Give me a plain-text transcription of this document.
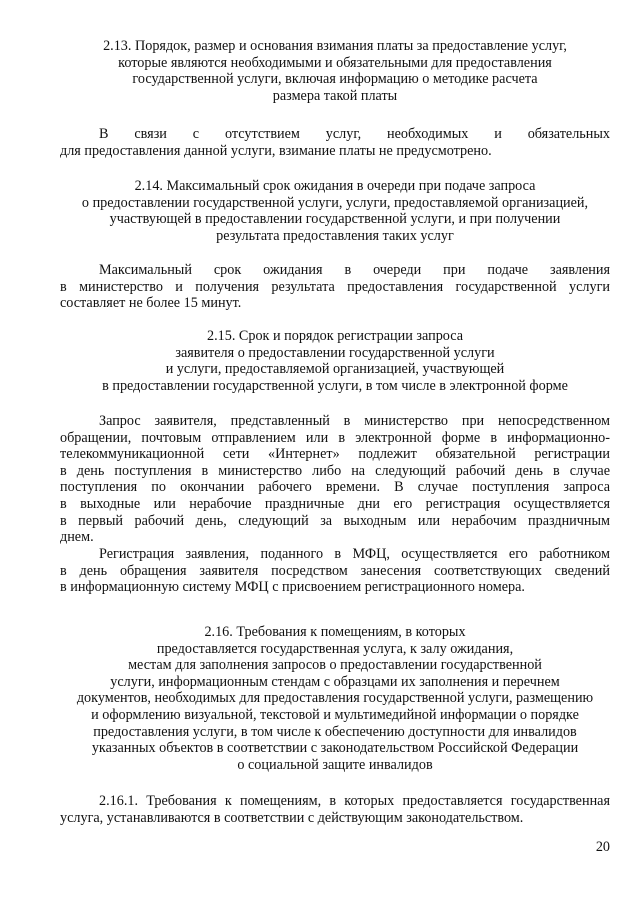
2.13. Порядок, размер и основания взимания платы за предоставление услуг,
которые являются необходимыми и обязательными для предоставления
государственной услуги, включая информацию о методике расчета
размера такой платы
В связи с отсутствием услуг, необходимых и обязательных
для предоставления данной услуги, взимание платы не предусмотрено.
2.14. Максимальный срок ожидания в очереди при подаче запроса
о предоставлении государственной услуги, услуги, предоставляемой организацией,
участвующей в предоставлении государственной услуги, и при получении
результата предоставления таких услуг
Максимальный срок ожидания в очереди при подаче заявления
в министерство и получения результата предоставления государственной услуги
составляет не более 15 минут.
2.15. Срок и порядок регистрации запроса
заявителя о предоставлении государственной услуги
и услуги, предоставляемой организацией, участвующей
в предоставлении государственной услуги, в том числе в электронной форме
Запрос заявителя, представленный в министерство при непосредственном
обращении, почтовым отправлением или в электронной форме в информационно-
телекоммуникационной сети «Интернет» подлежит обязательной регистрации
в день поступления в министерство либо на следующий рабочий день в случае
поступления по окончании рабочего времени. В случае поступления запроса
в выходные или нерабочие праздничные дни его регистрация осуществляется
в первый рабочий день, следующий за выходным или нерабочим праздничным
днем.
Регистрация заявления, поданного в МФЦ, осуществляется его работником
в день обращения заявителя посредством занесения соответствующих сведений
в информационную систему МФЦ с присвоением регистрационного номера.
2.16. Требования к помещениям, в которых
предоставляется государственная услуга, к залу ожидания,
местам для заполнения запросов о предоставлении государственной
услуги, информационным стендам с образцами их заполнения и перечнем
документов, необходимых для предоставления государственной услуги, размещению
и оформлению визуальной, текстовой и мультимедийной информации о порядке
предоставления услуги, в том числе к обеспечению доступности для инвалидов
указанных объектов в соответствии с законодательством Российской Федерации
о социальной защите инвалидов
2.16.1. Требования к помещениям, в которых предоставляется государственная
услуга, устанавливаются в соответствии с действующим законодательством.
20
